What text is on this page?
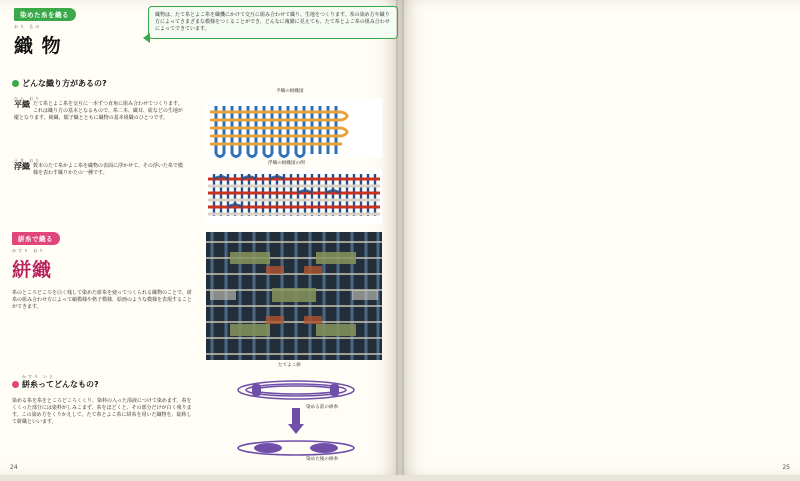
染めた糸を織る
おり もの
織 物
織物は、たて糸とよこ糸を織機にかけて交互に組み合わせて織り、生地をつくります。糸の染め方や織り方によってさまざまな模様をつくることができ、どんなに複雑に見えても、たて糸とよこ糸の組み合わせによってできています。
どんな織り方があるの?
ひら おり
平織 たて糸とよこ糸を交互に一本ずつ直角に組み合わせてつくります。これは織り方の基本となるもので、糸二本、織耳、紐などの生地が縦となります。綾織、繻子織とともに織物の基本組織のひとつです。
うき おり
浮織 数本のたて糸かよこ糸を織物の表面に浮かせて、その浮いた糸で模様を表わす織りかたの一種です。
平織の組織図
浮織の組織図の例
絣糸で織る
かすり おり
絣織
糸のところどころを白く残して染めた絣糸を使ってつくられる織物のことで、絣糸の組み合わせ方によって縞模様や格子模様、絵画のような模様を表現することができます。
たてよこ絣
かすり いと
絣糸ってどんなもの?
染める糸を糸をところどころくくり、染料の入った浴液につけて染めます。糸をくくった部分には染料がしみこまず、糸をほどくと、その部分だけが白く残ります。この染め方をくりかえして、たて糸とよこ糸に絣糸を用いた織物を、総称して絣織といいます。
染める前の絣糸
染めた後の絣糸
24	25
